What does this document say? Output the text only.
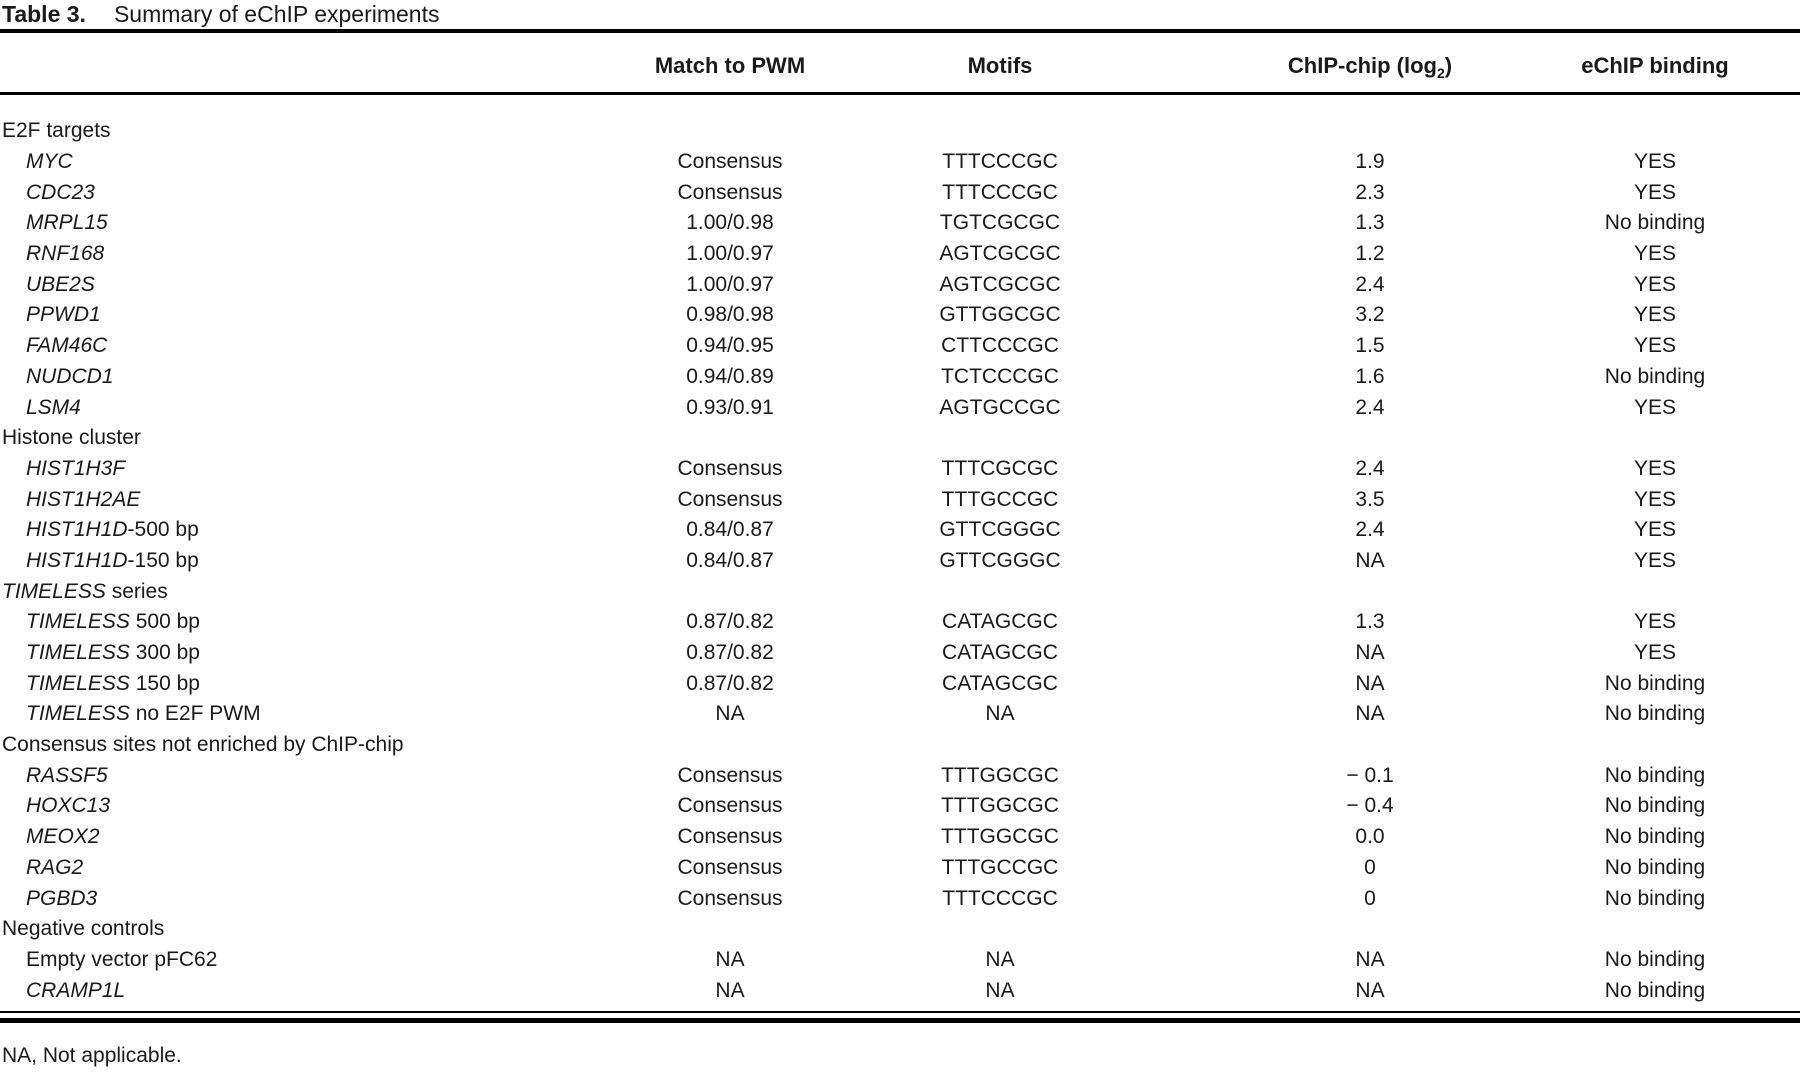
Table 3. Summary of eChIP experiments
Match to PWM	Motifs	ChIP-chip $(\log_2)$	eChIP binding
E2F targets
MYC	Consensus	TTTCCCGC	1.9	YES
CDC23	Consensus	TTTCCCGC	2.3	YES
MRPL15	1.00/0.98	TGTCGCGC	1.3	No binding
RNF168	1.00/0.97	AGTCGCGC	1.2	YES
UBE2S	1.00/0.97	AGTCGCGC	2.4	YES
PPWD1	0.98/0.98	GTTGGCGC	3.2	YES
FAM46C	0.94/0.95	CTTCCCGC	1.5	YES
NUDCD1	0.94/0.89	TCTCCCGC	1.6	No binding
LSM4	0.93/0.91	AGTGCCGC	2.4	YES
Histone cluster
HIST1H3F	Consensus	TTTCGCGC	2.4	YES
HIST1H2AE	Consensus	TTTGCCGC	3.5	YES
HIST1H1D-500 bp	0.84/0.87	GTTCGGGC	2.4	YES
HIST1H1D-150 bp	0.84/0.87	GTTCGGGC	NA	YES
TIMELESS series
TIMELESS 500 bp	0.87/0.82	CATAGCGC	1.3	YES
TIMELESS 300 bp	0.87/0.82	CATAGCGC	NA	YES
TIMELESS 150 bp	0.87/0.82	CATAGCGC	NA	No binding
TIMELESS no E2F PWM	NA	NA	NA	No binding
Consensus sites not enriched by ChIP-chip
RASSF5	Consensus	TTTGGCGC	− 0.1	No binding
HOXC13	Consensus	TTTGGCGC	− 0.4	No binding
MEOX2	Consensus	TTTGGCGC	0.0	No binding
RAG2	Consensus	TTTGCCGC	0	No binding
PGBD3	Consensus	TTTCCCGC	0	No binding
Negative controls
Empty vector pFC62	NA	NA	NA	No binding
CRAMP1L	NA	NA	NA	No binding
NA, Not applicable.
